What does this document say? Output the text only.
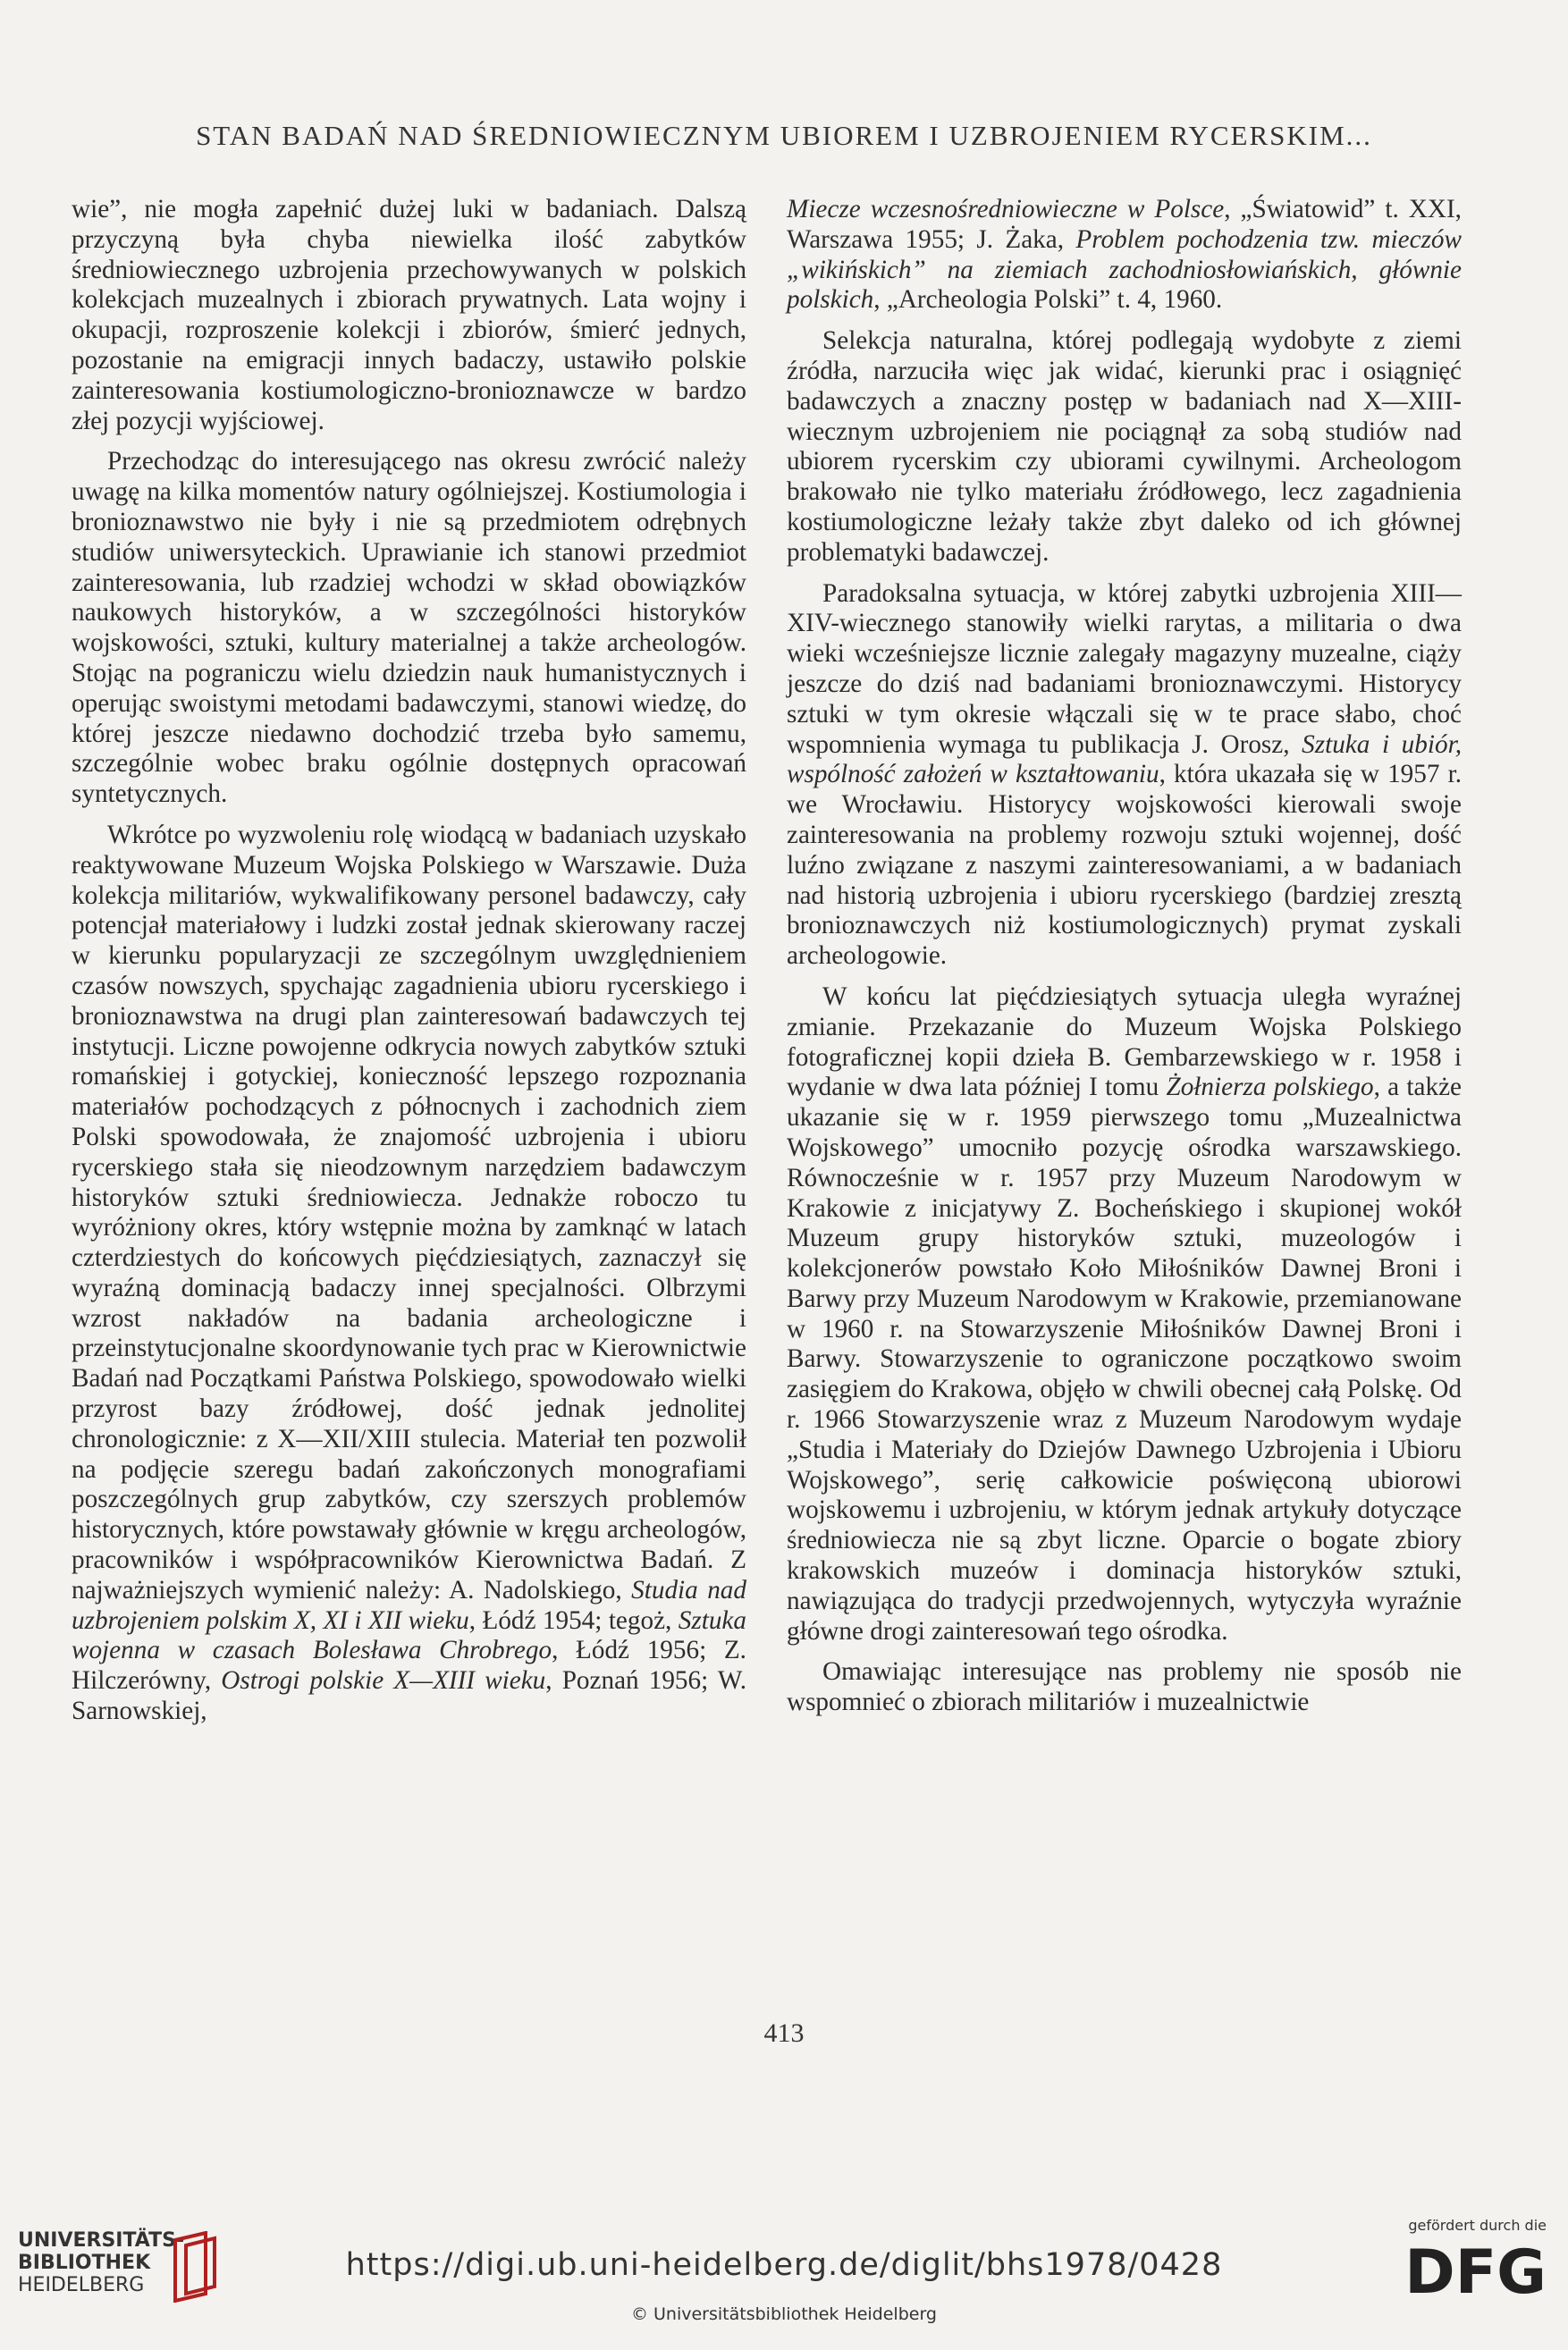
STAN BADAŃ NAD ŚREDNIOWIECZNYM UBIOREM I UZBROJENIEM RYCERSKIM...

wie”, nie mogła zapełnić dużej luki w badaniach. Dalszą przyczyną była chyba niewielka ilość zabytków średniowiecznego uzbrojenia przechowywanych w polskich kolekcjach muzealnych i zbiorach prywatnych. Lata wojny i okupacji, rozproszenie kolekcji i zbiorów, śmierć jednych, pozostanie na emigracji innych badaczy, ustawiło polskie zainteresowania kostiumologiczno-bronioznawcze w bardzo złej pozycji wyjściowej.

Przechodząc do interesującego nas okresu zwrócić należy uwagę na kilka momentów natury ogólniejszej. Kostiumologia i bronioznawstwo nie były i nie są przedmiotem odrębnych studiów uniwersyteckich. Uprawianie ich stanowi przedmiot zainteresowania, lub rzadziej wchodzi w skład obowiązków naukowych historyków, a w szczególności historyków wojskowości, sztuki, kultury materialnej a także archeologów. Stojąc na pograniczu wielu dziedzin nauk humanistycznych i operując swoistymi metodami badawczymi, stanowi wiedzę, do której jeszcze niedawno dochodzić trzeba było samemu, szczególnie wobec braku ogólnie dostępnych opracowań syntetycznych.

Wkrótce po wyzwoleniu rolę wiodącą w badaniach uzyskało reaktywowane Muzeum Wojska Polskiego w Warszawie. Duża kolekcja militariów, wykwalifikowany personel badawczy, cały potencjał materiałowy i ludzki został jednak skierowany raczej w kierunku popularyzacji ze szczególnym uwzględnieniem czasów nowszych, spychając zagadnienia ubioru rycerskiego i bronioznawstwa na drugi plan zainteresowań badawczych tej instytucji. Liczne powojenne odkrycia nowych zabytków sztuki romańskiej i gotyckiej, konieczność lepszego rozpoznania materiałów pochodzących z północnych i zachodnich ziem Polski spowodowała, że znajomość uzbrojenia i ubioru rycerskiego stała się nieodzownym narzędziem badawczym historyków sztuki średniowiecza. Jednakże roboczo tu wyróżniony okres, który wstępnie można by zamknąć w latach czterdziestych do końcowych pięćdziesiątych, zaznaczył się wyraźną dominacją badaczy innej specjalności. Olbrzymi wzrost nakładów na badania archeologiczne i przeinstytucjonalne skoordynowanie tych prac w Kierownictwie Badań nad Początkami Państwa Polskiego, spowodowało wielki przyrost bazy źródłowej, dość jednak jednolitej chronologicznie: z X—XII/XIII stulecia. Materiał ten pozwolił na podjęcie szeregu badań zakończonych monografiami poszczególnych grup zabytków, czy szerszych problemów historycznych, które powstawały głównie w kręgu archeologów, pracowników i współpracowników Kierownictwa Badań. Z najważniejszych wymienić należy: A. Nadolskiego, Studia nad uzbrojeniem polskim X, XI i XII wieku, Łódź 1954; tegoż, Sztuka wojenna w czasach Bolesława Chrobrego, Łódź 1956; Z. Hilczerówny, Ostrogi polskie X—XIII wieku, Poznań 1956; W. Sarnowskiej,

Miecze wczesnośredniowieczne w Polsce, „Światowid” t. XXI, Warszawa 1955; J. Żaka, Problem pochodzenia tzw. mieczów „wikińskich” na ziemiach zachodniosłowiańskich, głównie polskich, „Archeologia Polski” t. 4, 1960.

Selekcja naturalna, której podlegają wydobyte z ziemi źródła, narzuciła więc jak widać, kierunki prac i osiągnięć badawczych a znaczny postęp w badaniach nad X—XIII-wiecznym uzbrojeniem nie pociągnął za sobą studiów nad ubiorem rycerskim czy ubiorami cywilnymi. Archeologom brakowało nie tylko materiału źródłowego, lecz zagadnienia kostiumologiczne leżały także zbyt daleko od ich głównej problematyki badawczej.

Paradoksalna sytuacja, w której zabytki uzbrojenia XIII—XIV-wiecznego stanowiły wielki rarytas, a militaria o dwa wieki wcześniejsze licznie zalegały magazyny muzealne, ciąży jeszcze do dziś nad badaniami bronioznawczymi. Historycy sztuki w tym okresie włączali się w te prace słabo, choć wspomnienia wymaga tu publikacja J. Orosz, Sztuka i ubiór, wspólność założeń w kształtowaniu, która ukazała się w 1957 r. we Wrocławiu. Historycy wojskowości kierowali swoje zainteresowania na problemy rozwoju sztuki wojennej, dość luźno związane z naszymi zainteresowaniami, a w badaniach nad historią uzbrojenia i ubioru rycerskiego (bardziej zresztą bronioznawczych niż kostiumologicznych) prymat zyskali archeologowie.

W końcu lat pięćdziesiątych sytuacja uległa wyraźnej zmianie. Przekazanie do Muzeum Wojska Polskiego fotograficznej kopii dzieła B. Gembarzewskiego w r. 1958 i wydanie w dwa lata później I tomu Żołnierza polskiego, a także ukazanie się w r. 1959 pierwszego tomu „Muzealnictwa Wojskowego” umocniło pozycję ośrodka warszawskiego. Równocześnie w r. 1957 przy Muzeum Narodowym w Krakowie z inicjatywy Z. Bocheńskiego i skupionej wokół Muzeum grupy historyków sztuki, muzeologów i kolekcjonerów powstało Koło Miłośników Dawnej Broni i Barwy przy Muzeum Narodowym w Krakowie, przemianowane w 1960 r. na Stowarzyszenie Miłośników Dawnej Broni i Barwy. Stowarzyszenie to ograniczone początkowo swoim zasięgiem do Krakowa, objęło w chwili obecnej całą Polskę. Od r. 1966 Stowarzyszenie wraz z Muzeum Narodowym wydaje „Studia i Materiały do Dziejów Dawnego Uzbrojenia i Ubioru Wojskowego”, serię całkowicie poświęconą ubiorowi wojskowemu i uzbrojeniu, w którym jednak artykuły dotyczące średniowiecza nie są zbyt liczne. Oparcie o bogate zbiory krakowskich muzeów i dominacja historyków sztuki, nawiązująca do tradycji przedwojennych, wytyczyła wyraźnie główne drogi zainteresowań tego ośrodka.

Omawiając interesujące nas problemy nie sposób nie wspomnieć o zbiorach militariów i muzealnictwie

413
UNIVERSITÄTS-
BIBLIOTHEK
HEIDELBERG
https://digi.ub.uni-heidelberg.de/diglit/bhs1978/0428
© Universitätsbibliothek Heidelberg
gefördert durch die
DFG
